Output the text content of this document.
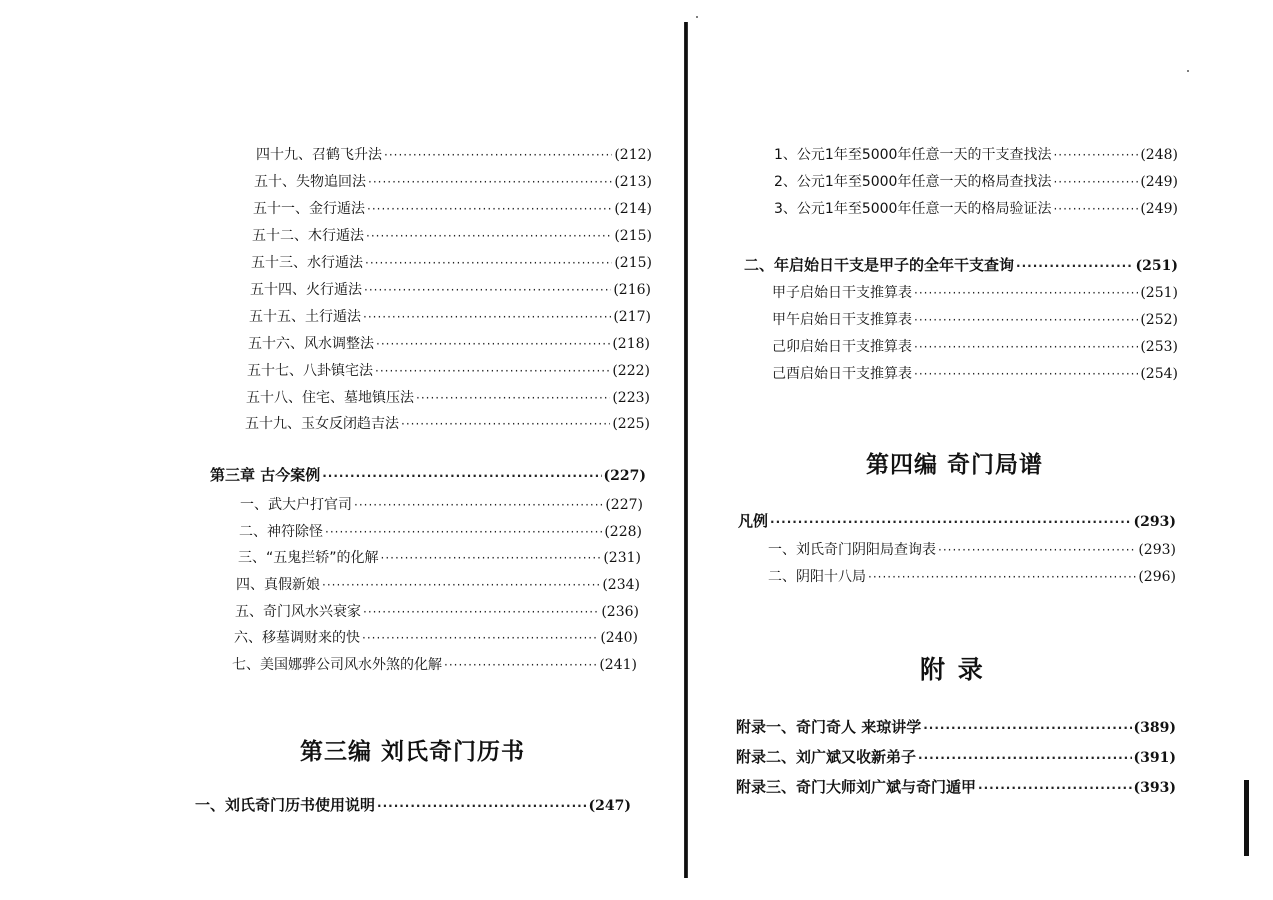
四十九、召鹤飞升法 ·····	(212)
五十、失物追回法 ·····	(213)
五十一、金行遁法 ·····	(214)
五十二、木行遁法 ·····	(215)
五十三、水行遁法 ·····	(215)
五十四、火行遁法 ·····	(216)
五十五、土行遁法 ·····	(217)
五十六、风水调整法 ·····	(218)
五十七、八卦镇宅法 ·····	(222)
五十八、住宅、墓地镇压法 ·····	(223)
五十九、玉女反闭趋吉法 ·····	(225)
第三章 古今案例 ·····	(227)
一、武大户打官司 ·····	(227)
二、神符除怪 ·····	(228)
三、“五鬼拦轿”的化解 ·····	(231)
四、真假新娘 ·····	(234)
五、奇门风水兴衰家 ·····	(236)
六、移墓调财来的快 ·····	(240)
七、美国娜骅公司风水外煞的化解 ·····	(241)
第三编 刘氏奇门历书
一、刘氏奇门历书使用说明 ·····	(247)
1、公元1年至5000年任意一天的干支查找法 ·····	(248)
2、公元1年至5000年任意一天的格局查找法 ·····	(249)
3、公元1年至5000年任意一天的格局验证法 ·····	(249)
二、年启始日干支是甲子的全年干支查询 ·····	(251)
甲子启始日干支推算表 ·····	(251)
甲午启始日干支推算表 ·····	(252)
己卯启始日干支推算表 ·····	(253)
己酉启始日干支推算表 ·····	(254)
第四编 奇门局谱
凡例 ·····	(293)
一、刘氏奇门阴阳局查询表 ·····	(293)
二、阴阳十八局 ·····	(296)
附 录
附录一、奇门奇人 来琼讲学 ·····	(389)
附录二、刘广斌又收新弟子 ·····	(391)
附录三、奇门大师刘广斌与奇门遁甲 ·····	(393)
